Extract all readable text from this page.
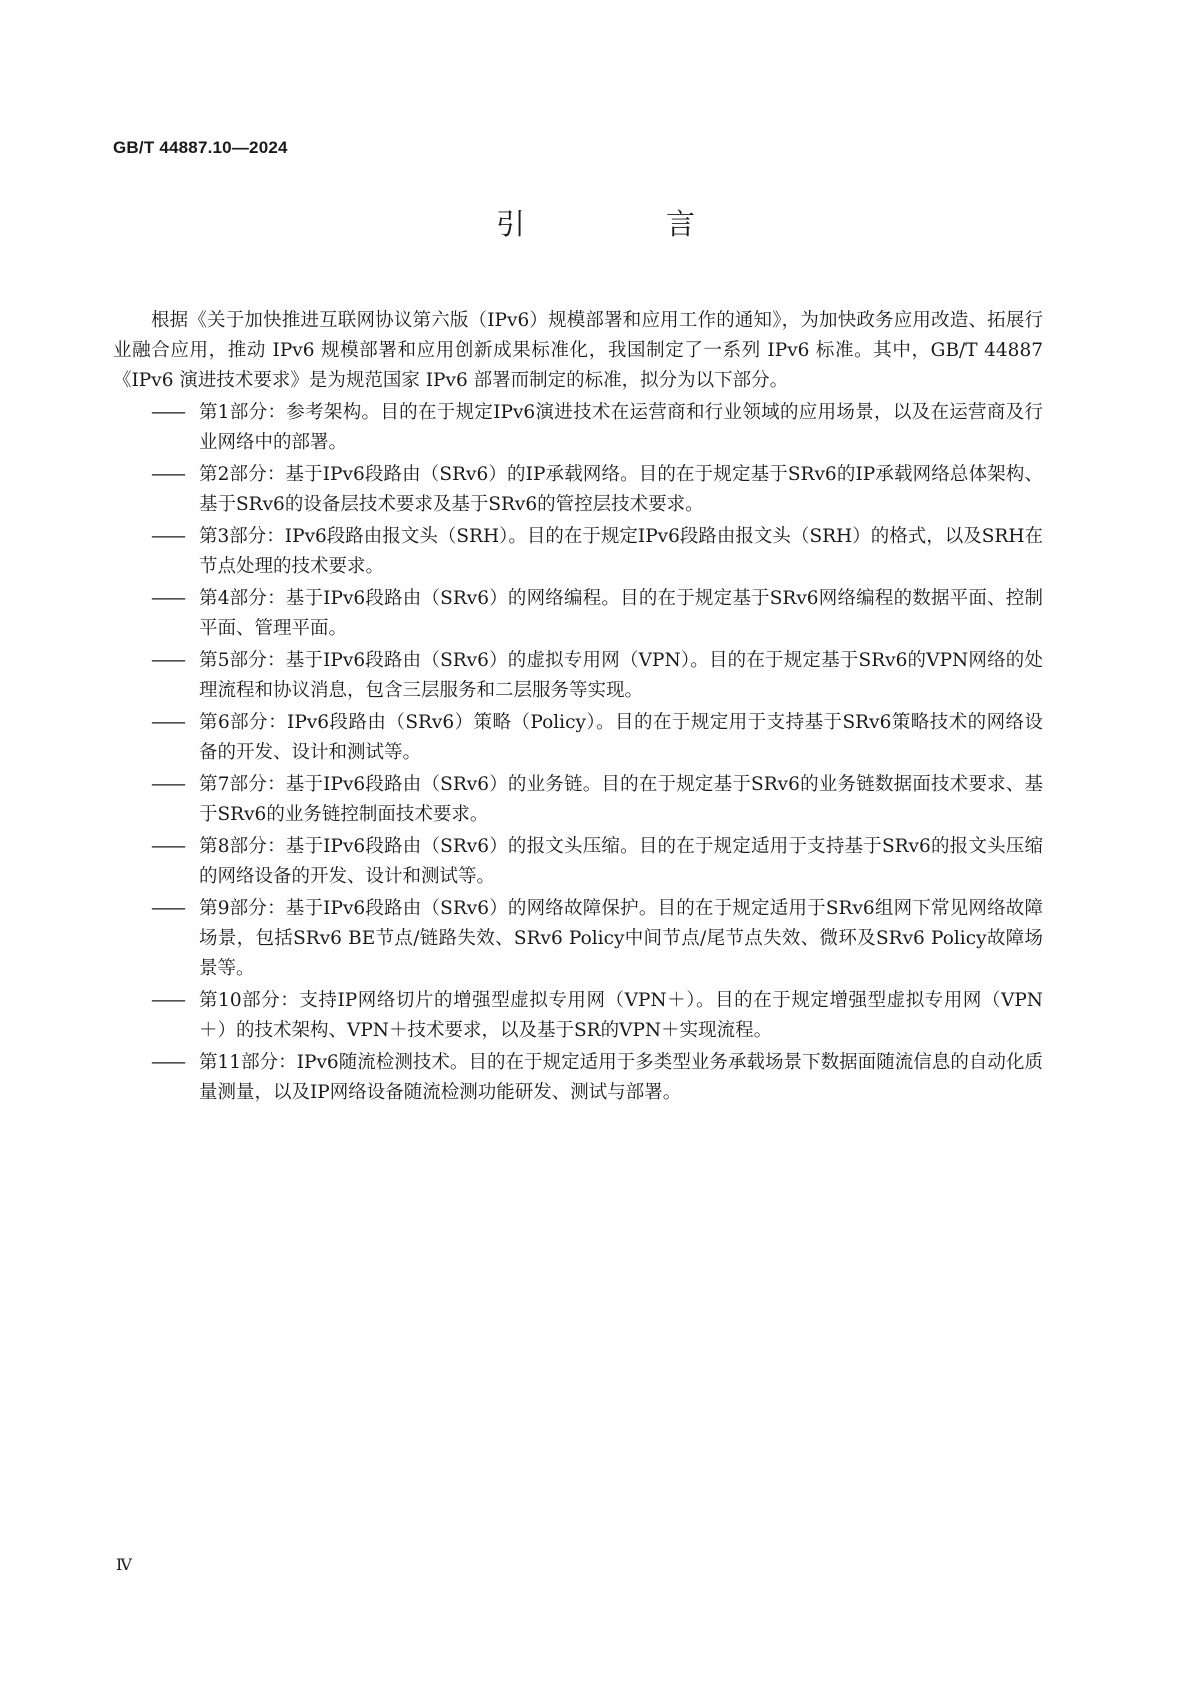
GB/T 44887.10—2024
引　言

根据《关于加快推进互联网协议第六版（IPv6）规模部署和应用工作的通知》，为加快政务应用改造、拓展行业融合应用，推动 IPv6 规模部署和应用创新成果标准化，我国制定了一系列 IPv6 标准。其中，GB/T 44887《IPv6 演进技术要求》是为规范国家 IPv6 部署而制定的标准，拟分为以下部分。

—— 第1部分：参考架构。目的在于规定IPv6演进技术在运营商和行业领域的应用场景，以及在运营商及行业网络中的部署。
—— 第2部分：基于IPv6段路由（SRv6）的IP承载网络。目的在于规定基于SRv6的IP承载网络总体架构、基于SRv6的设备层技术要求及基于SRv6的管控层技术要求。
—— 第3部分：IPv6段路由报文头（SRH）。目的在于规定IPv6段路由报文头（SRH）的格式，以及SRH在节点处理的技术要求。
—— 第4部分：基于IPv6段路由（SRv6）的网络编程。目的在于规定基于SRv6网络编程的数据平面、控制平面、管理平面。
—— 第5部分：基于IPv6段路由（SRv6）的虚拟专用网（VPN）。目的在于规定基于SRv6的VPN网络的处理流程和协议消息，包含三层服务和二层服务等实现。
—— 第6部分：IPv6段路由（SRv6）策略（Policy）。目的在于规定用于支持基于SRv6策略技术的网络设备的开发、设计和测试等。
—— 第7部分：基于IPv6段路由（SRv6）的业务链。目的在于规定基于SRv6的业务链数据面技术要求、基于SRv6的业务链控制面技术要求。
—— 第8部分：基于IPv6段路由（SRv6）的报文头压缩。目的在于规定适用于支持基于SRv6的报文头压缩的网络设备的开发、设计和测试等。
—— 第9部分：基于IPv6段路由（SRv6）的网络故障保护。目的在于规定适用于SRv6组网下常见网络故障场景，包括SRv6 BE节点/链路失效、SRv6 Policy中间节点/尾节点失效、微环及SRv6 Policy故障场景等。
—— 第10部分：支持IP网络切片的增强型虚拟专用网（VPN＋）。目的在于规定增强型虚拟专用网（VPN＋）的技术架构、VPN＋技术要求，以及基于SR的VPN＋实现流程。
—— 第11部分：IPv6随流检测技术。目的在于规定适用于多类型业务承载场景下数据面随流信息的自动化质量测量，以及IP网络设备随流检测功能研发、测试与部署。
Ⅳ
